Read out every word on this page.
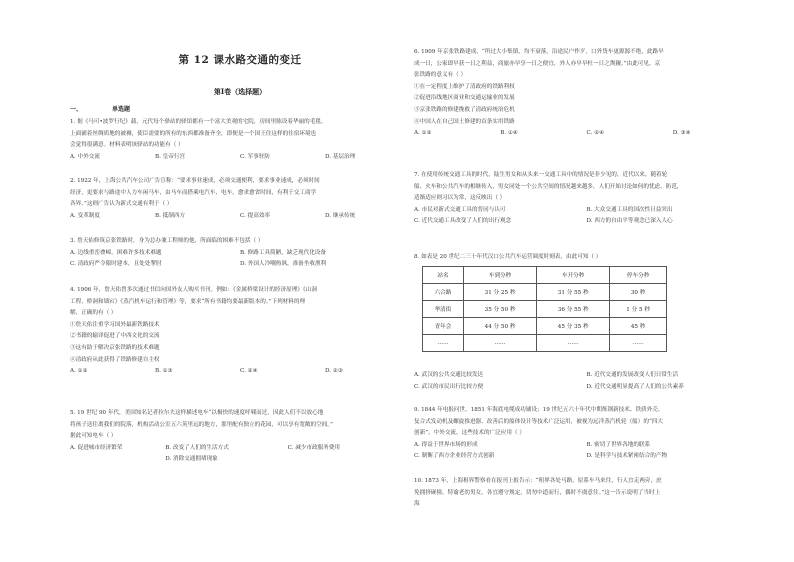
第 12 课水路交通的变迁
第Ⅰ卷（选择题）
一、	单选题

1. 据《马可•波罗行纪》载，元代每个驿站的驿馆都有一个富大美观的宅院，房间里陈设着华丽的毛毯，

上面铺着丝绸质地的被褥，使臣需要的所有的东西都准备齐全，即便是一个国王住这样的住宿环境也

会觉得很满意。材料表明该驿站的功能有（ ）

A. 中外交流	B. 皇帝行宫	C. 军事驻防	D. 基层治理

2. 1922 年，上海公共汽车公司广告宣称：“要求事业速成，必须交通便利，要求事业速成，必须时间

经济，更要求与路途中人力车闲马车，由马车而搭乘电汽车、电车，愈求愈省时间，有利于交工商学

各界。”这则广告认为新式交通有利于（ ）

A. 变革制度	B. 抵制西方	C. 提高效率	D. 继承传统

3. 詹天佑修筑京张铁路时，身为总办兼工程师的他，所面临的困难不包括（ ）

A. 边线重峦叠嶂，困难许多技术难题	B. 修路工具简陋，缺乏现代化设备
C. 清政府严令限时建本，且处处掣肘	D. 外国人冷嘲热讽，准备坐收渔利

4. 1906 年，詹天佑曾多次通过书信向国外友人购买书刊。例如：《金属桥梁设计的经济原理》《山洞

工程、桥洞和墙宕》《蒸汽机车运行和管理》等，要求“所有书籍均要最新版本的。”下列材料的理

解，正确的有（ ）

①詹天佑注重学习国外最新铁路技术

②书籍的输译促进了中西文化的交流

③这有助于解决京张铁路的技术难题

④清政府从此获得了铁路修建自主权

A. ①②	B. ①③	C. ②④	D. ②③

5. 19 世纪 90 年代，美国知名记者拉尔夫这样描述电车“以极快的速度呼啸而过，因此人们不以放心地

将孩子送往离我们的院落，机构活动公室五六英里远的地方，那里配有独立的花园，可以享有宽敞的空间。”

据此可知电车（ ）

A. 促进城市经济繁荣	B. 改变了人们的生活方式	C. 减少市政服务费用
D. 消除交通拥堵现象

6. 1909 年京张铁路建成，“所过大小集镇，均不衰落，沿途民户作歹，口外货车更源源不绝，此路早

成一日，公家即早获一日之利益，商旅亦早享一日之便宜，外人亦早早杜一日之觊觎。”由此可见，京

张铁路的意义有（ ）

①在一定程度上维护了清政府的铁路利权

②促进沿线地区商业和交通运输业的发展

③京张铁路的修建挽救了清政府统治危机

④中国人在自己国土修建的首条实用铁路

A. ①②	B. ①④	C. ②④	D. ③④

7. 在使用传统交通工具的时代，陆生男女和从头来一交通工具中的情况是非少见的，近代以来，随着轮

船、火车和公共汽车的相继传入，男女同处一个公共空间的情况越来越多，人们开始讨论如何的忧虑、防范，

适渐适应则习以为常，这反映出（ ）

A. 市民对新式交通工具的普同与认可	B. 大众交通工具的国次性日益突出
C. 近代交通工具改变了人们的出行观念	D. 西方的自由平等观念已深入人心

8. 如表是 20 世纪二三十年代汉口公共汽车运营调度时刻表，由此可知（ ）

站名	车到分秒	车开分秒	停车分秒
六合路	31 分 25 秒	31 分 55 秒	30 秒
华清街	35 分 50 秒	36 分 55 秒	1 分 5 秒
青年会	44 分 50 秒	45 分 35 秒	45 秒
……	……	……	……
A. 武汉的公共交通比较发达	B. 近代交通的发展改变人们日常生活
C. 武汉的市民出行比较方便	D. 近代交通明显提高了人们的公共素养

9. 1844 年电报问世，1851 年海底电缆成功铺设；19 世纪五六十年代中期炼钢新技术、铁质外壳、

复合式发动机及螺旋推进器、改善后的船体设计等技术广泛运用，被视为远洋蒸汽机轮（船）的“四大

创新”。中外交流，这些技术的广泛应用（ ）

A. 得益于世界市场的形成	B. 密切了世界各地的联系
C. 制衡了西方企业经营方式创新	D. 是科学与技术紧密结合的产物

10. 1873 年，上海租界警察看在报刊上报告示：“租界各处马路，原系车马来往，行人宜走两旁，庶

免拥挤碰撞，特谕老幼男女，各宜遵守规定，切勿中道而行，偶时不虞意往。”这一告示说明了当时上

海
